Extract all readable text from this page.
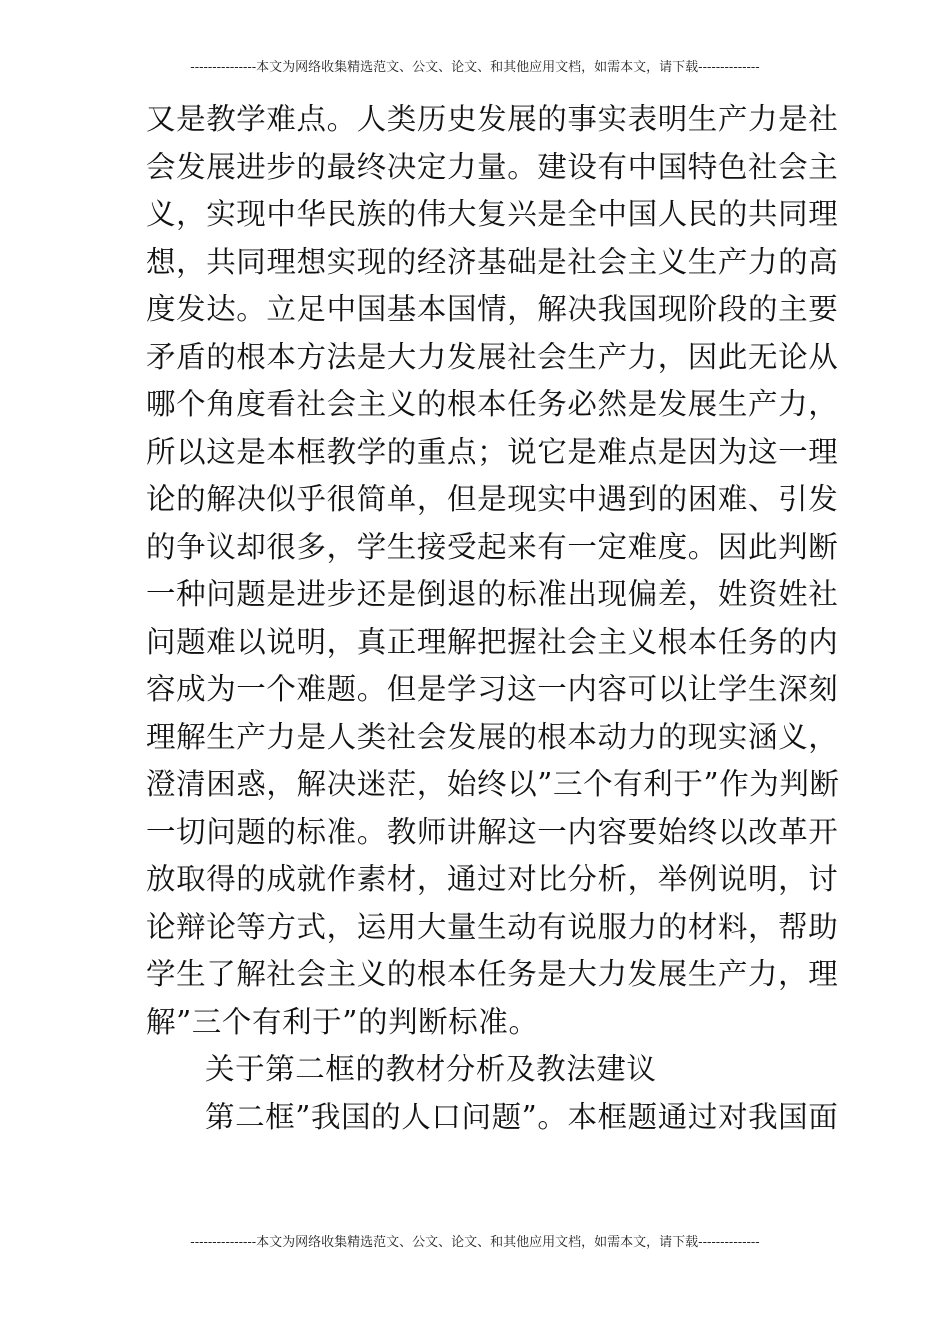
---------------本文为网络收集精选范文、公文、论文、和其他应用文档，如需本文，请下载--------------
又是教学难点。人类历史发展的事实表明生产力是社
会发展进步的最终决定力量。建设有中国特色社会主
义，实现中华民族的伟大复兴是全中国人民的共同理
想，共同理想实现的经济基础是社会主义生产力的高
度发达。立足中国基本国情，解决我国现阶段的主要
矛盾的根本方法是大力发展社会生产力，因此无论从
哪个角度看社会主义的根本任务必然是发展生产力，
所以这是本框教学的重点；说它是难点是因为这一理
论的解决似乎很简单，但是现实中遇到的困难、引发
的争议却很多，学生接受起来有一定难度。因此判断
一种问题是进步还是倒退的标准出现偏差，姓资姓社
问题难以说明，真正理解把握社会主义根本任务的内
容成为一个难题。但是学习这一内容可以让学生深刻
理解生产力是人类社会发展的根本动力的现实涵义，
澄清困惑，解决迷茫，始终以”三个有利于”作为判断
一切问题的标准。教师讲解这一内容要始终以改革开
放取得的成就作素材，通过对比分析，举例说明，讨
论辩论等方式，运用大量生动有说服力的材料，帮助
学生了解社会主义的根本任务是大力发展生产力，理
解”三个有利于”的判断标准。
关于第二框的教材分析及教法建议
第二框”我国的人口问题”。本框题通过对我国面
---------------本文为网络收集精选范文、公文、论文、和其他应用文档，如需本文，请下载--------------
